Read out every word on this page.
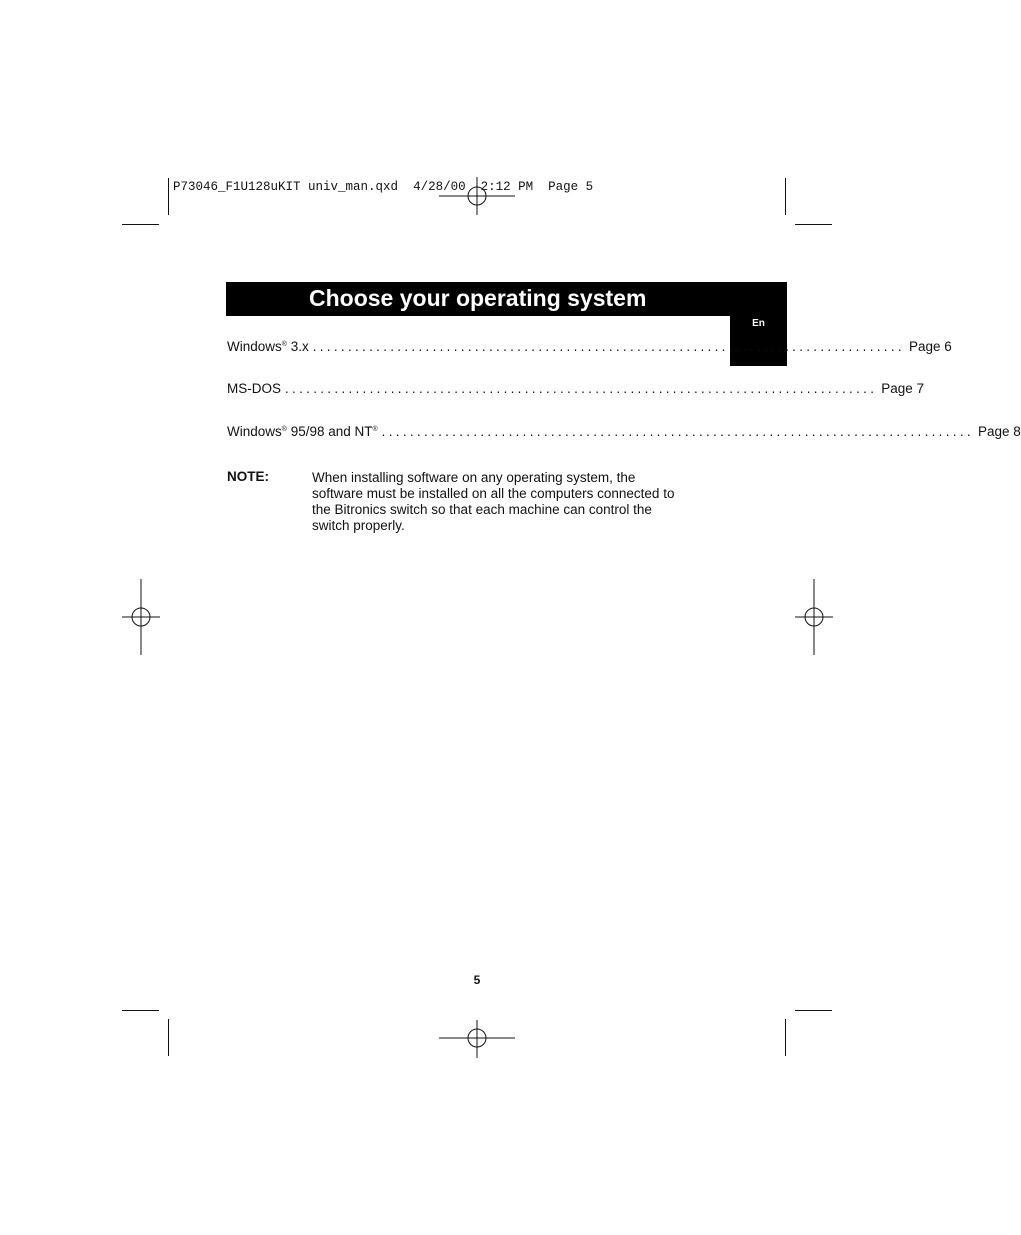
P73046_F1U128uKIT univ_man.qxd 4/28/00 2:12 PM Page 5
En
Choose your operating system
Windows® 3.x .................................................................................... Page 6
MS-DOS .................................................................................... Page 7
Windows® 95/98 and NT® .................................................................................... Page 8
NOTE:	When installing software on any operating system, the
software must be installed on all the computers connected to
the Bitronics switch so that each machine can control the
switch properly.
5
